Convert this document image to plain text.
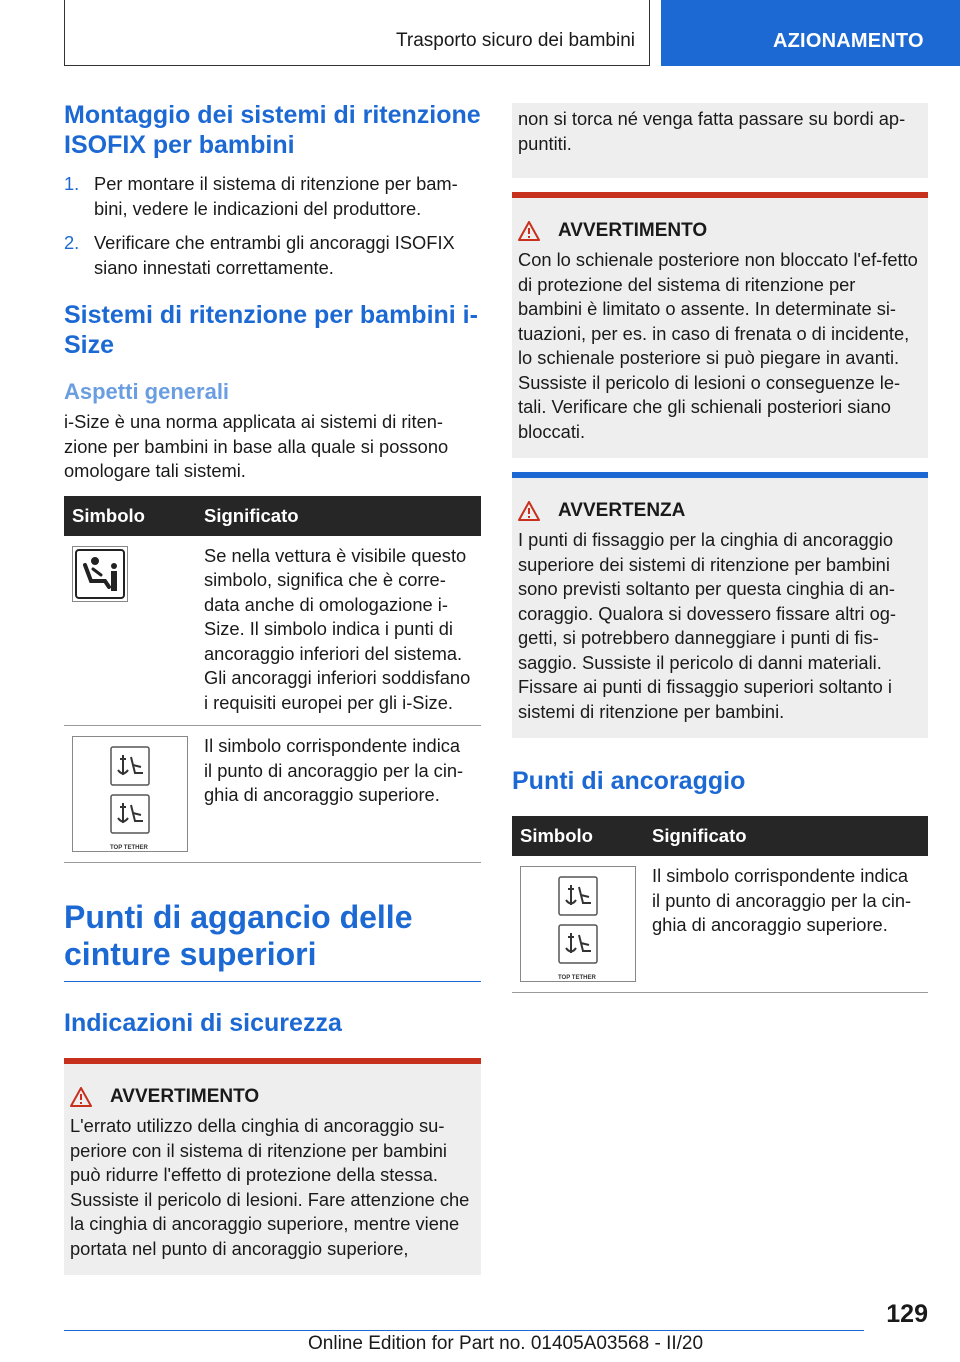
Trasporto sicuro dei bambini	AZIONAMENTO
Montaggio dei sistemi di ritenzione ISOFIX per bambini
1. Per montare il sistema di ritenzione per bam-bini, vedere le indicazioni del produttore.
2. Verificare che entrambi gli ancoraggi ISOFIX siano innestati correttamente.
Sistemi di ritenzione per bambini i-Size
Aspetti generali

i-Size è una norma applicata ai sistemi di riten-zione per bambini in base alla quale si possono omologare tali sistemi.

Simbolo	Significato

	Se nella vettura è visibile questo simbolo, significa che è corre-data anche di omologazione i-Size. Il simbolo indica i punti di ancoraggio inferiori del sistema. Gli ancoraggi inferiori soddisfano i requisiti europei per gli i-Size.

TOP TETHER	Il simbolo corrispondente indica il punto di ancoraggio per la cin-ghia di ancoraggio superiore.
Punti di aggancio delle cinture superiori
Indicazioni di sicurezza
AVVERTIMENTO

L'errato utilizzo della cinghia di ancoraggio su-periore con il sistema di ritenzione per bambini può ridurre l'effetto di protezione della stessa. Sussiste il pericolo di lesioni. Fare attenzione che la cinghia di ancoraggio superiore, mentre viene portata nel punto di ancoraggio superiore,

non si torca né venga fatta passare su bordi ap-puntiti.

AVVERTIMENTO

Con lo schienale posteriore non bloccato l'ef-fetto di protezione del sistema di ritenzione per bambini è limitato o assente. In determinate si-tuazioni, per es. in caso di frenata o di incidente, lo schienale posteriore si può piegare in avanti. Sussiste il pericolo di lesioni o conseguenze le-tali. Verificare che gli schienali posteriori siano bloccati.

AVVERTENZA

I punti di fissaggio per la cinghia di ancoraggio superiore dei sistemi di ritenzione per bambini sono previsti soltanto per questa cinghia di an-coraggio. Qualora si dovessero fissare altri og-getti, si potrebbero danneggiare i punti di fis-saggio. Sussiste il pericolo di danni materiali. Fissare ai punti di fissaggio superiori soltanto i sistemi di ritenzione per bambini.

Punti di ancoraggio
Simbolo	Significato

TOP TETHER	Il simbolo corrispondente indica il punto di ancoraggio per la cin-ghia di ancoraggio superiore.
129
Online Edition for Part no. 01405A03568 - II/20
